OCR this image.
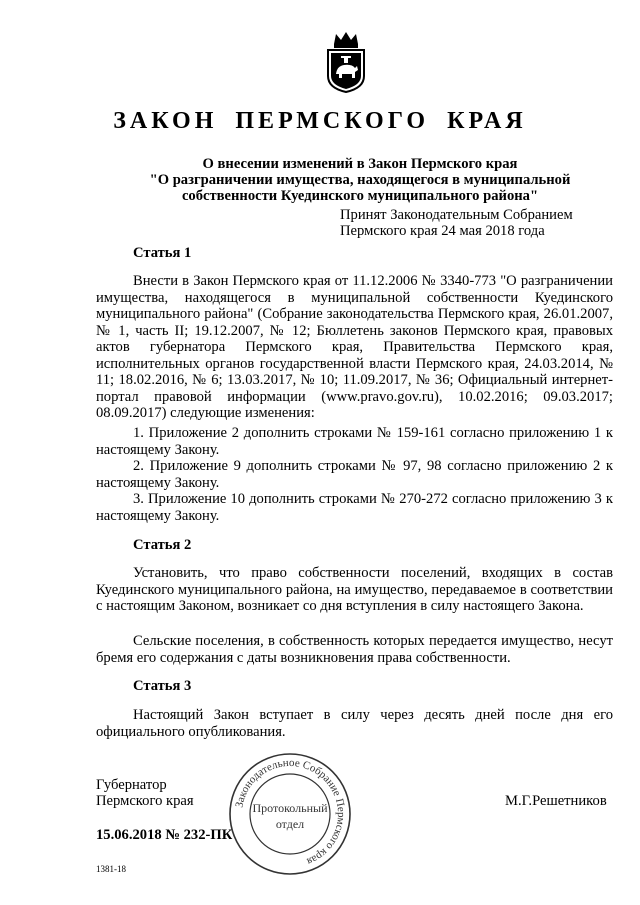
ЗАКОН ПЕРМСКОГО КРАЯ
О внесении изменений в Закон Пермского края
"О разграничении имущества, находящегося в муниципальной
собственности Куединского муниципального района"
Принят Законодательным Собранием
Пермского края 24 мая 2018 года
Статья 1

Внести в Закон Пермского края от 11.12.2006 № 3340-773 "О разграничении имущества, находящегося в муниципальной собственности Куединского муниципального района" (Собрание законодательства Пермского края, 26.01.2007, № 1, часть II; 19.12.2007, № 12; Бюллетень законов Пермского края, правовых актов губернатора Пермского края, Правительства Пермского края, исполнительных органов государственной власти Пермского края, 24.03.2014, № 11; 18.02.2016, № 6; 13.03.2017, № 10; 11.09.2017, № 36; Официальный интернет-портал правовой информации (www.pravo.gov.ru), 10.02.2016; 09.03.2017; 08.09.2017) следующие изменения:

1. Приложение 2 дополнить строками № 159-161 согласно приложению 1 к настоящему Закону.

2. Приложение 9 дополнить строками № 97, 98 согласно приложению 2 к настоящему Закону.

3. Приложение 10 дополнить строками № 270-272 согласно приложению 3 к настоящему Закону.

Статья 2

Установить, что право собственности поселений, входящих в состав Куединского муниципального района, на имущество, передаваемое в соответствии с настоящим Законом, возникает со дня вступления в силу настоящего Закона.

Сельские поселения, в собственность которых передается имущество, несут бремя его содержания с даты возникновения права собственности.

Статья 3

Настоящий Закон вступает в силу через десять дней после дня его официального опубликования.

Губернатор
Пермского края	М.Г.Решетников
15.06.2018 № 232-ПК
1381-18
Законодательное Собрание Пермского края
Протокольный
отдел
